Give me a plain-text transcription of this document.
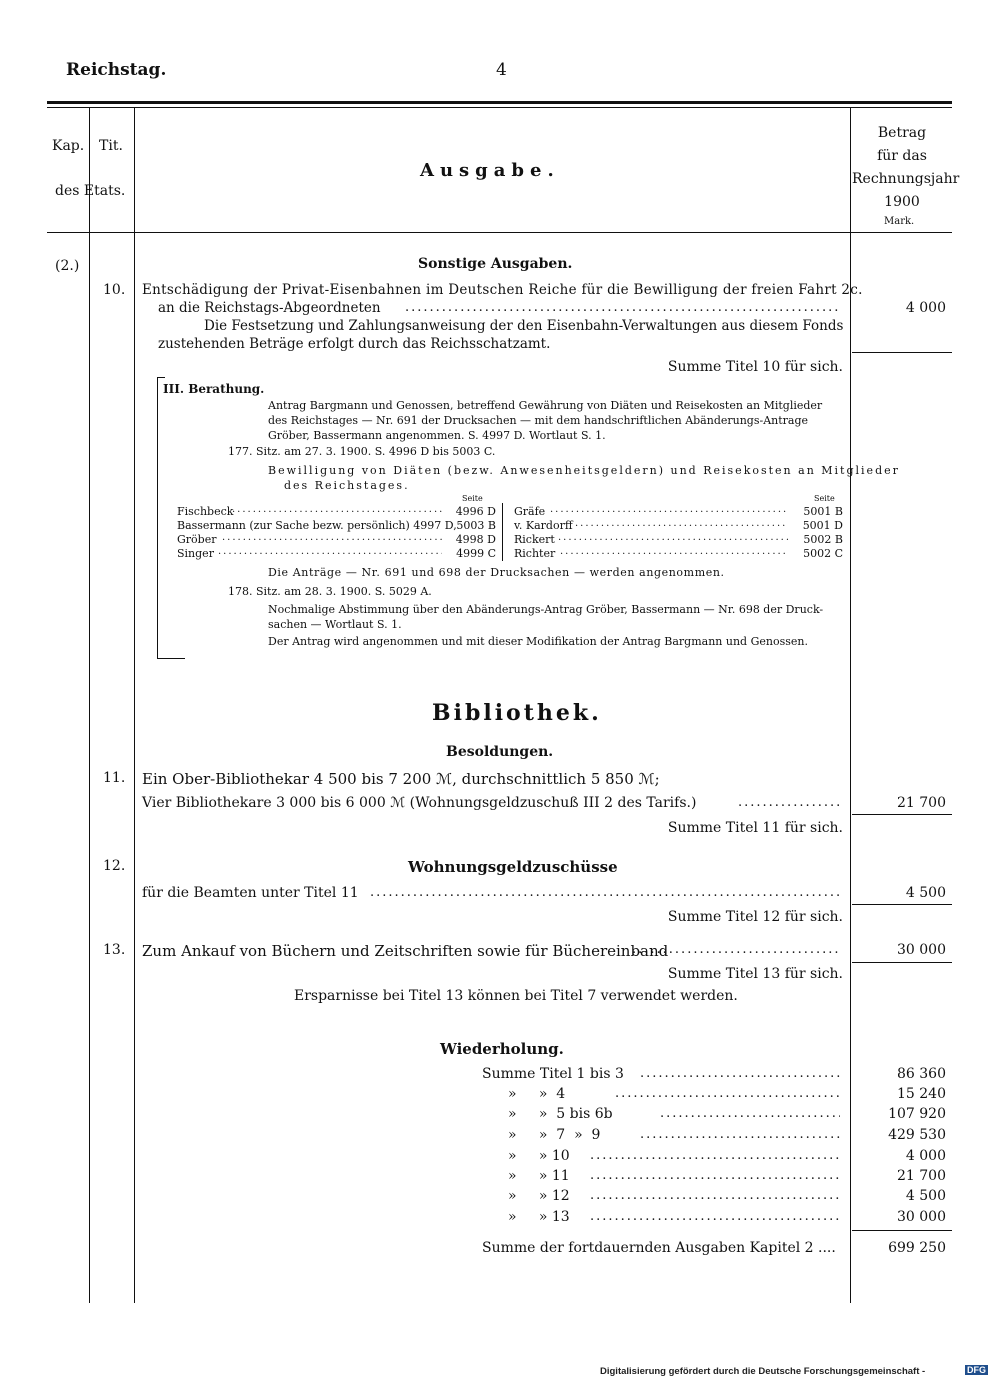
Reichstag.	4
Kap. Tit.
des Etats.
Ausgabe.
Betrag
für das
Rechnungsjahr
1900
Mark.
Sonstige Ausgaben.
(2.)
10. Entschädigung der Privat-Eisenbahnen im Deutschen Reiche für die Bewilligung der freien Fahrt 2c.
an die Reichstags-Abgeordneten .....	4 000
Die Festsetzung und Zahlungsanweisung der den Eisenbahn-Verwaltungen aus diesem Fonds
zustehenden Beträge erfolgt durch das Reichsschatzamt.
Summe Titel 10 für sich.
III. Berathung.
Antrag Bargmann und Genossen, betreffend Gewährung von Diäten und Reisekosten an Mitglieder
des Reichstages — Nr. 691 der Drucksachen — mit dem handschriftlichen Abänderungs-Antrage
Gröber, Bassermann angenommen. S. 4997 D. Wortlaut S. 1.
177. Sitz. am 27. 3. 1900. S. 4996 D bis 5003 C.
Bewilligung von Diäten (bezw. Anwesenheitsgeldern) und Reisekosten an Mitglieder
des Reichstages.
Seite	Seite
Fischbeck .....	4996 D
Bassermann (zur Sache bezw. persönlich) 4997 D, 5003 B
Gröber .....	4998 D
Singer .....	4999 C
Gräfe .....	5001 B
v. Kardorff .....	5001 D
Rickert .....	5002 B
Richter .....	5002 C
Die Anträge — Nr. 691 und 698 der Drucksachen — werden angenommen.
178. Sitz. am 28. 3. 1900. S. 5029 A.
Nochmalige Abstimmung über den Abänderungs-Antrag Gröber, Bassermann — Nr. 698 der Druck-
sachen — Wortlaut S. 1.
Der Antrag wird angenommen und mit dieser Modifikation der Antrag Bargmann und Genossen.
Bibliothek.
Besoldungen.
11. Ein Ober-Bibliothekar 4 500 bis 7 200 ℳ, durchschnittlich 5 850 ℳ;
Vier Bibliothekare 3 000 bis 6 000 ℳ (Wohnungsgeldzuschuß III 2 des Tarifs.) .....	21 700
Summe Titel 11 für sich.
12.	Wohnungsgeldzuschüsse
für die Beamten unter Titel 11 .....	4 500
Summe Titel 12 für sich.
13. Zum Ankauf von Büchern und Zeitschriften sowie für Büchereinband .....	30 000
Summe Titel 13 für sich.
Ersparnisse bei Titel 13 können bei Titel 7 verwendet werden.
Wiederholung.
Summe Titel 1 bis 3 .....	86 360
»     »  4 .....	15 240
»     »  5 bis 6b .....	107 920
»     »  7  »  9 .....	429 530
»     » 10 .....	4 000
»     » 11 .....	21 700
»     » 12 .....	4 500
»     » 13 .....	30 000
Summe der fortdauernden Ausgaben Kapitel 2 ....	699 250
Digitalisierung gefördert durch die Deutsche Forschungsgemeinschaft -	DFG
